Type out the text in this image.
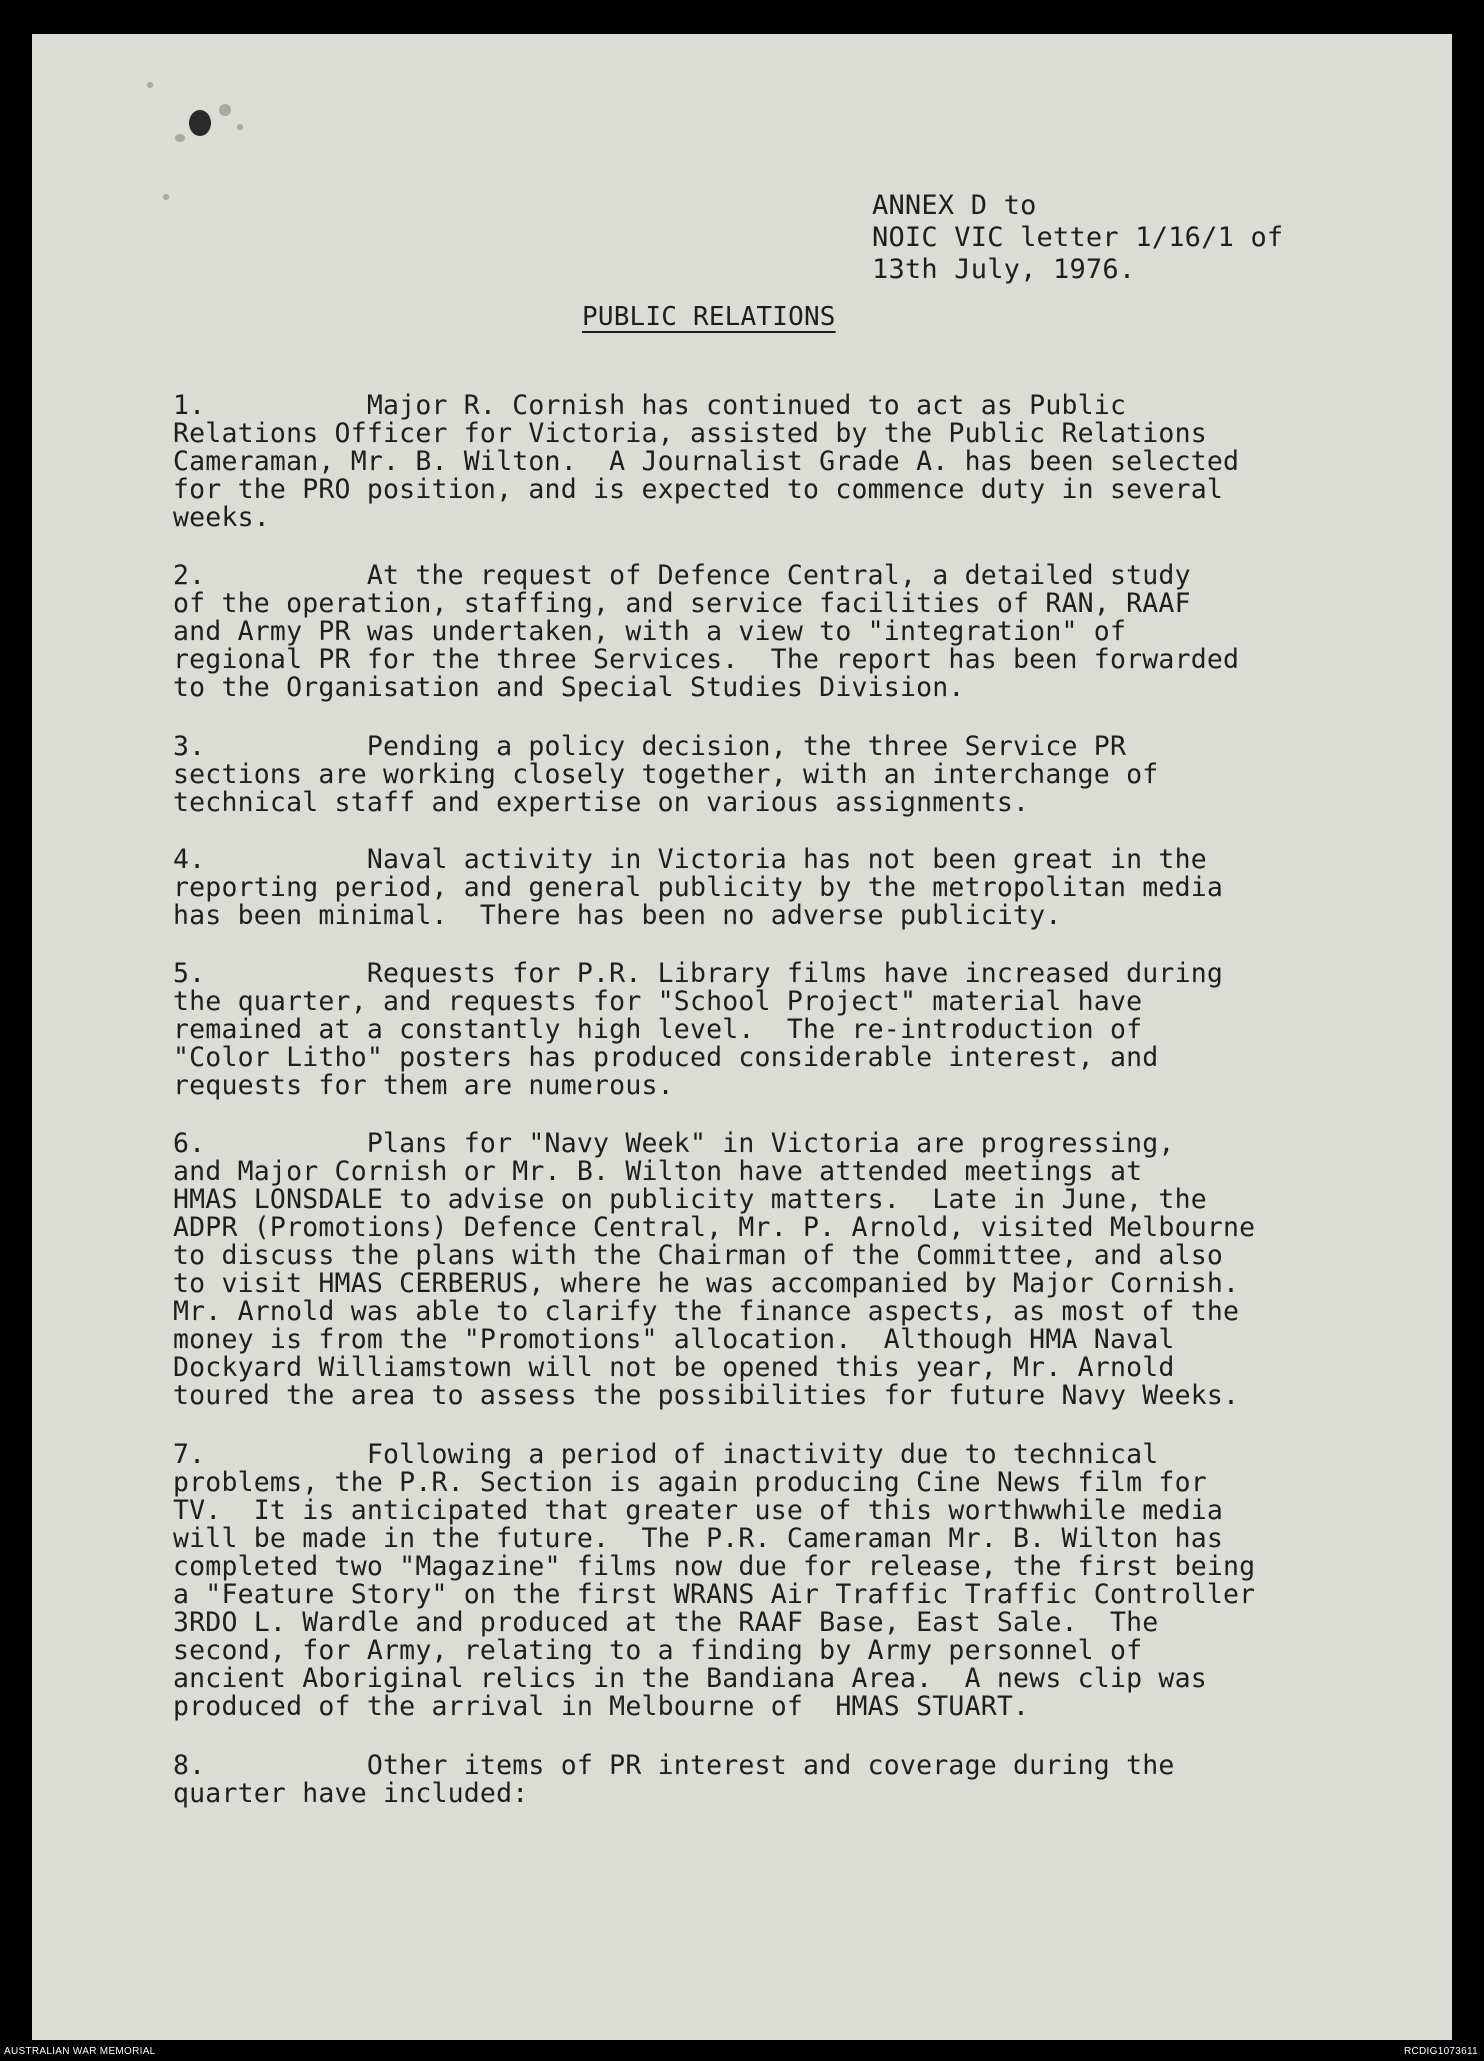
ANNEX D to
NOIC VIC letter 1/16/1 of
13th July, 1976.
PUBLIC RELATIONS
1.          Major R. Cornish has continued to act as Public
Relations Officer for Victoria, assisted by the Public Relations
Cameraman, Mr. B. Wilton.  A Journalist Grade A. has been selected
for the PRO position, and is expected to commence duty in several
weeks.
2.          At the request of Defence Central, a detailed study
of the operation, staffing, and service facilities of RAN, RAAF
and Army PR was undertaken, with a view to "integration" of
regional PR for the three Services.  The report has been forwarded
to the Organisation and Special Studies Division.
3.          Pending a policy decision, the three Service PR
sections are working closely together, with an interchange of
technical staff and expertise on various assignments.
4.          Naval activity in Victoria has not been great in the
reporting period, and general publicity by the metropolitan media
has been minimal.  There has been no adverse publicity.
5.          Requests for P.R. Library films have increased during
the quarter, and requests for "School Project" material have
remained at a constantly high level.  The re-introduction of
"Color Litho" posters has produced considerable interest, and
requests for them are numerous.
6.          Plans for "Navy Week" in Victoria are progressing,
and Major Cornish or Mr. B. Wilton have attended meetings at
HMAS LONSDALE to advise on publicity matters.  Late in June, the
ADPR (Promotions) Defence Central, Mr. P. Arnold, visited Melbourne
to discuss the plans with the Chairman of the Committee, and also
to visit HMAS CERBERUS, where he was accompanied by Major Cornish.
Mr. Arnold was able to clarify the finance aspects, as most of the
money is from the "Promotions" allocation.  Although HMA Naval
Dockyard Williamstown will not be opened this year, Mr. Arnold
toured the area to assess the possibilities for future Navy Weeks.
7.          Following a period of inactivity due to technical
problems, the P.R. Section is again producing Cine News film for
TV.  It is anticipated that greater use of this worthwwhile media
will be made in the future.  The P.R. Cameraman Mr. B. Wilton has
completed two "Magazine" films now due for release, the first being
a "Feature Story" on the first WRANS Air Traffic Traffic Controller
3RDO L. Wardle and produced at the RAAF Base, East Sale.  The
second, for Army, relating to a finding by Army personnel of
ancient Aboriginal relics in the Bandiana Area.  A news clip was
produced of the arrival in Melbourne of  HMAS STUART.
8.          Other items of PR interest and coverage during the
quarter have included:
AUSTRALIAN WAR MEMORIAL	RCDIG1073611
